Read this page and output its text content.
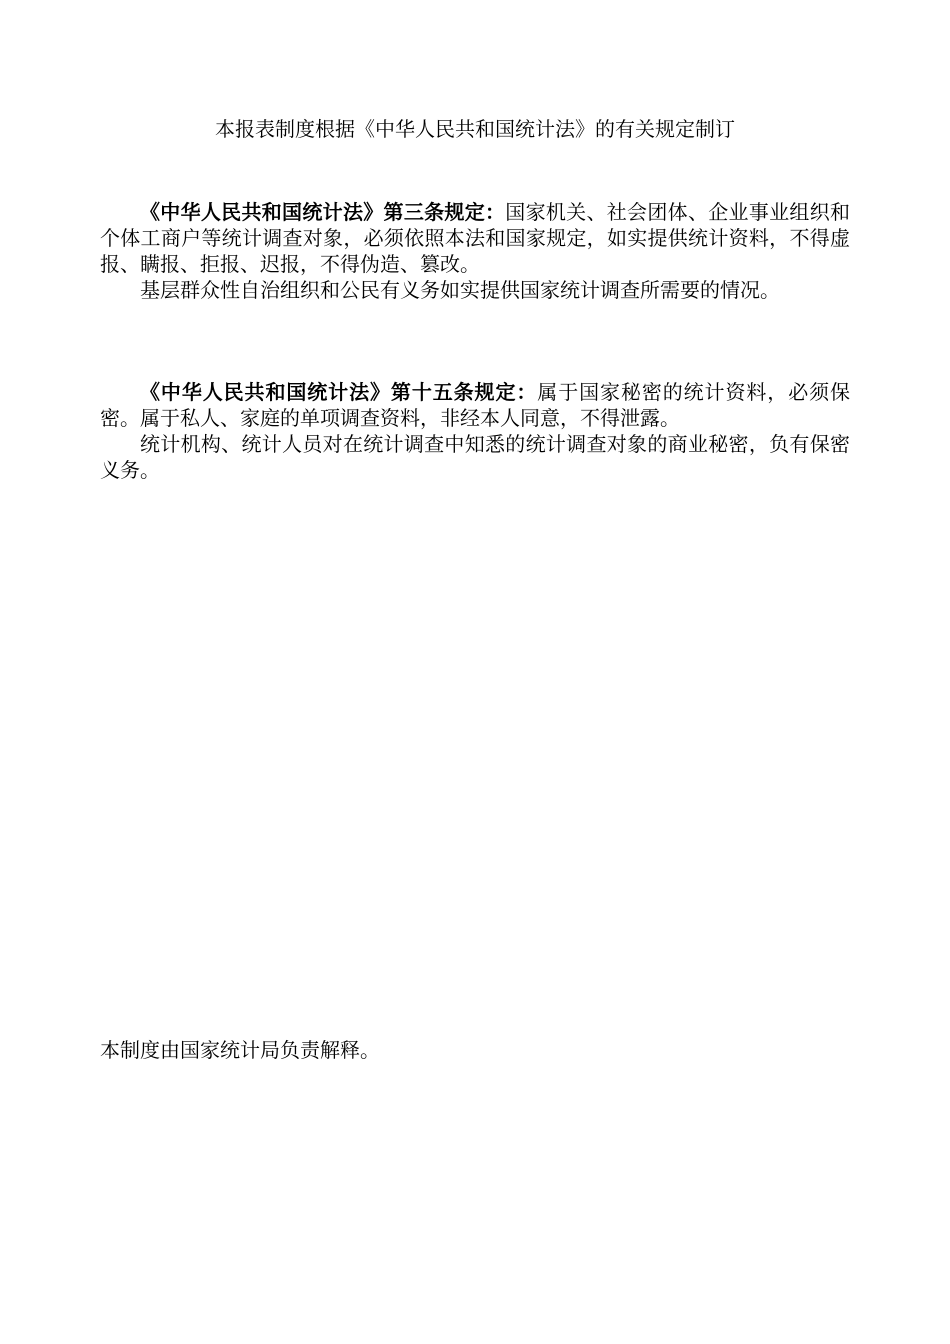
本报表制度根据《中华人民共和国统计法》的有关规定制订

《中华人民共和国统计法》第三条规定：国家机关、社会团体、企业事业组织和个体工商户等统计调查对象，必须依照本法和国家规定，如实提供统计资料，不得虚报、瞒报、拒报、迟报，不得伪造、篡改。

基层群众性自治组织和公民有义务如实提供国家统计调查所需要的情况。

《中华人民共和国统计法》第十五条规定：属于国家秘密的统计资料，必须保密。属于私人、家庭的单项调查资料，非经本人同意，不得泄露。

统计机构、统计人员对在统计调查中知悉的统计调查对象的商业秘密，负有保密义务。

本制度由国家统计局负责解释。
